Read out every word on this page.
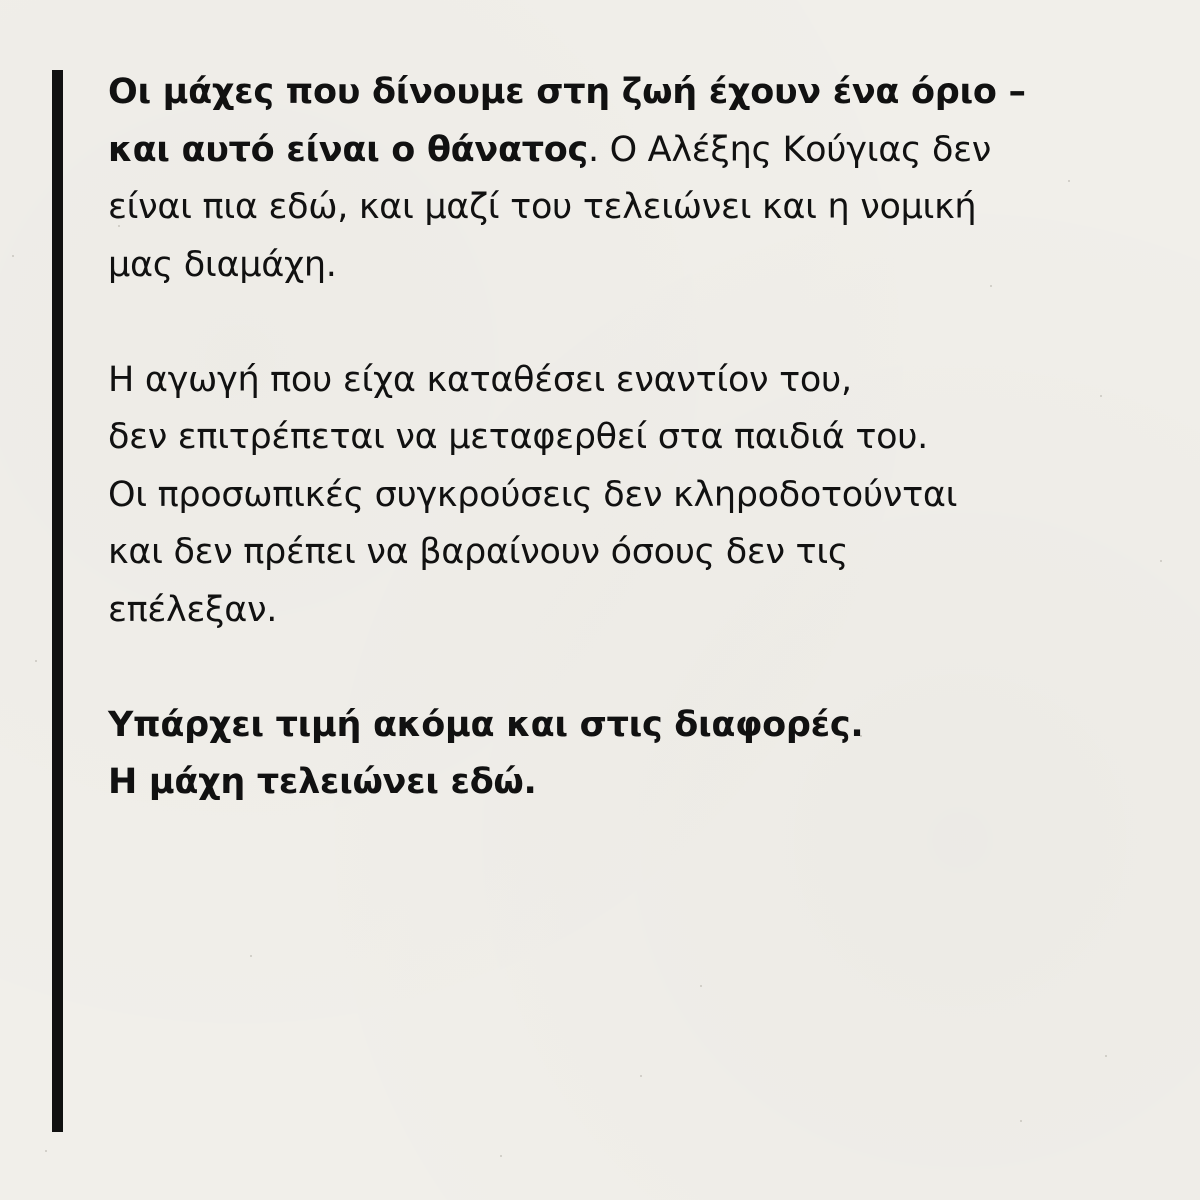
Οι μάχες που δίνουμε στη ζωή έχουν ένα όριο –
και αυτό είναι ο θάνατος. Ο Αλέξης Κούγιας δεν
είναι πια εδώ, και μαζί του τελειώνει και η νομική
μας διαμάχη.
Η αγωγή που είχα καταθέσει εναντίον του,
δεν επιτρέπεται να μεταφερθεί στα παιδιά του.
Οι προσωπικές συγκρούσεις δεν κληροδοτούνται
και δεν πρέπει να βαραίνουν όσους δεν τις
επέλεξαν.
Υπάρχει τιμή ακόμα και στις διαφορές.
Η μάχη τελειώνει εδώ.
